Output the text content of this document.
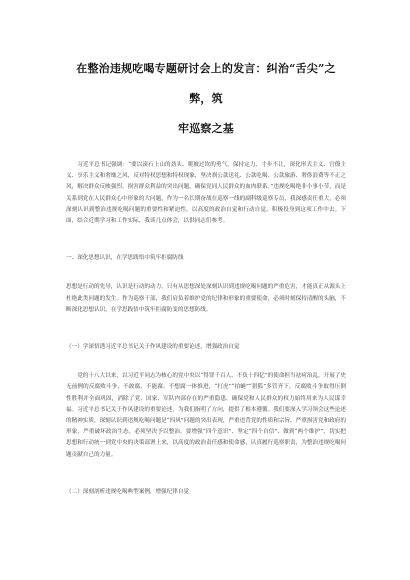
在整治违规吃喝专题研讨会上的发言：纠治“舌尖”之弊，筑
牢巡察之基

习近平总书记强调：“要以滚石上山的劲头、爬坡过坎的勇气，保持定力、寸步不让，深化形式主义、官僚主义、享乐主义和奢靡之风，反对特权思想和特权现象，坚决刹公款送礼、公款吃喝、公款旅游、奢侈浪费等不正之风，解决群众反映强烈、损害群众利益的突出问题，确保党同人民群众的血肉联系。”违规吃喝绝非小事小节，而是关系到党在人民群众心中形象的大问题。作为一名长期奋战在巡察一线的副科级巡察专员，我深感责任重大，必须深刻认识到整治违规吃喝问题的重要性和紧迫性，以高度的政治自觉和行动自觉，积极投身到这项工作中去。下面，结合近期学习和工作实际，我谈几点体会，以供同志们参考。

一、深化思想认识，在学思践悟中筑牢拒腐防线

思想是行动的先导，认识是行动的动力。只有从思想深处深刻认识到违规吃喝问题的严重危害，才能真正从源头上杜绝此类问题的发生。作为巡察干部，我们肩负着维护党的纪律和形象的重要使命，必须时刻保持清醒的头脑，不断深化思想认识，在学思践悟中筑牢拒腐防变的思想防线。

（一）学深悟透习近平总书记关于作风建设的重要论述，增强政治自觉

党的十八大以来，以习近平同志为核心的党中央以“得罪千百人、不负十四亿”的使命担当祛疴治乱，开展了史无前例的反腐败斗争，不敢腐、不能腐、不想腐一体推进，“打虎”“拍蝇”“猎狐”多管齐下，反腐败斗争取得压倒性胜利并全面巩固，消除了党、国家、军队内部存在的严重隐患，确保党和人民群众的权力始终用来为人民谋幸福。习近平总书记关于作风建设的重要论述，为我们指明了方向，提供了根本遵循。我们要深入学习领会这些论述的精神实质，深刻认识到违规吃喝问题是“四风”问题的突出表现，严重违背党的性质和宗旨，严重损害党和政府的形象，严重破坏政治生态。必须坚决予以整治。要增强“四个意识”、坚定“四个自信”、做到“两个维护”，切实把思想和行动统一到党中央的决策部署上来，以高度的政治责任感和使命感，认真履行巡察职责，为整治违规吃喝问题贡献自己的力量。

（二）深刻剖析违规吃喝典型案例，增强纪律自觉
